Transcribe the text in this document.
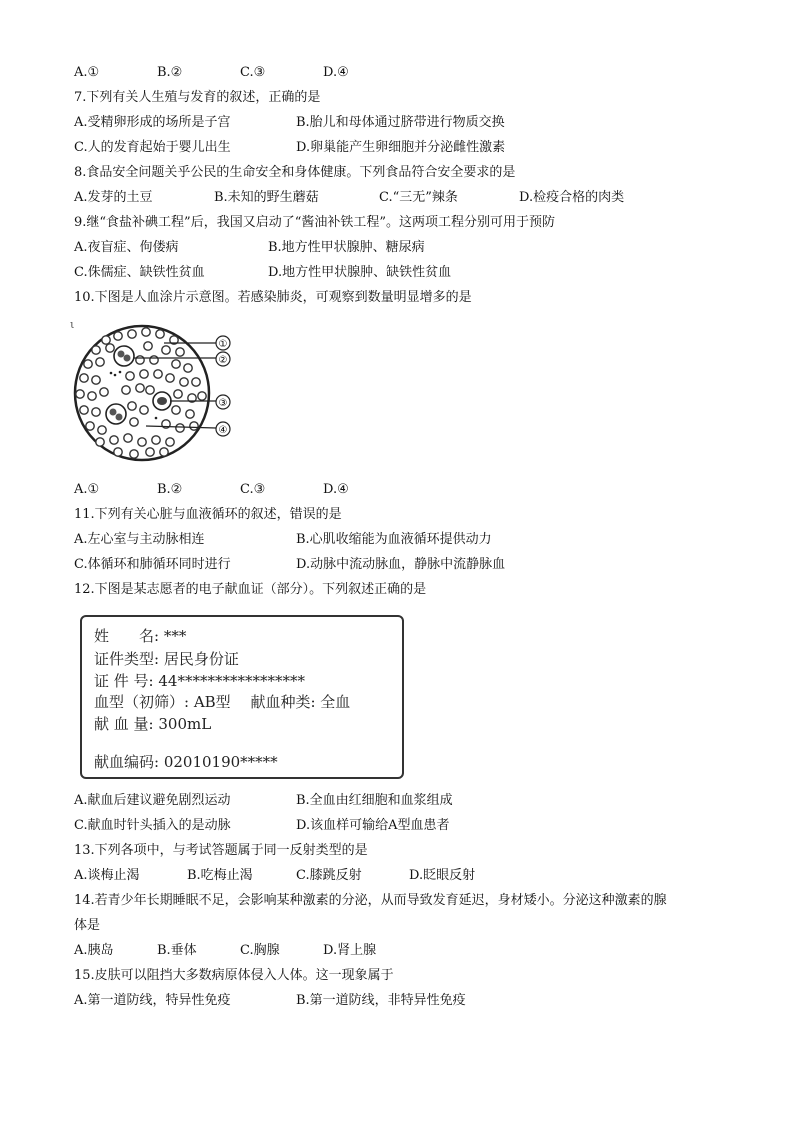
A.①	B.②	C.③	D.④
7.下列有关人生殖与发育的叙述，正确的是
A.受精卵形成的场所是子宫	B.胎儿和母体通过脐带进行物质交换
C.人的发育起始于婴儿出生	D.卵巢能产生卵细胞并分泌雌性激素
8.食品安全问题关乎公民的生命安全和身体健康。下列食品符合安全要求的是
A.发芽的土豆	B.未知的野生蘑菇	C.“三无”辣条	D.检疫合格的肉类
9.继“食盐补碘工程”后，我国又启动了“酱油补铁工程”。这两项工程分别可用于预防
A.夜盲症、佝偻病	B.地方性甲状腺肿、糖尿病
C.侏儒症、缺铁性贫血	D.地方性甲状腺肿、缺铁性贫血
10.下图是人血涂片示意图。若感染肺炎，可观察到数量明显增多的是
ι
①
②
③
④
A.①	B.②	C.③	D.④
11.下列有关心脏与血液循环的叙述，错误的是
A.左心室与主动脉相连	B.心肌收缩能为血液循环提供动力
C.体循环和肺循环同时进行	D.动脉中流动脉血，静脉中流静脉血
12.下图是某志愿者的电子献血证（部分）。下列叙述正确的是
姓　　名: ***
证件类型: 居民身份证
证 件 号: 44*****************
血型（初筛）: AB型　 献血种类: 全血
献 血 量: 300mL
献血编码: 02010190*****
A.献血后建议避免剧烈运动	B.全血由红细胞和血浆组成
C.献血时针头插入的是动脉	D.该血样可输给A型血患者
13.下列各项中，与考试答题属于同一反射类型的是
A.谈梅止渴	B.吃梅止渴	C.膝跳反射	D.眨眼反射
14.若青少年长期睡眠不足，会影响某种激素的分泌，从而导致发育延迟，身材矮小。分泌这种激素的腺
体是
A.胰岛	B.垂体	C.胸腺	D.肾上腺
15.皮肤可以阻挡大多数病原体侵入人体。这一现象属于
A.第一道防线，特异性免疫	B.第一道防线，非特异性免疫
